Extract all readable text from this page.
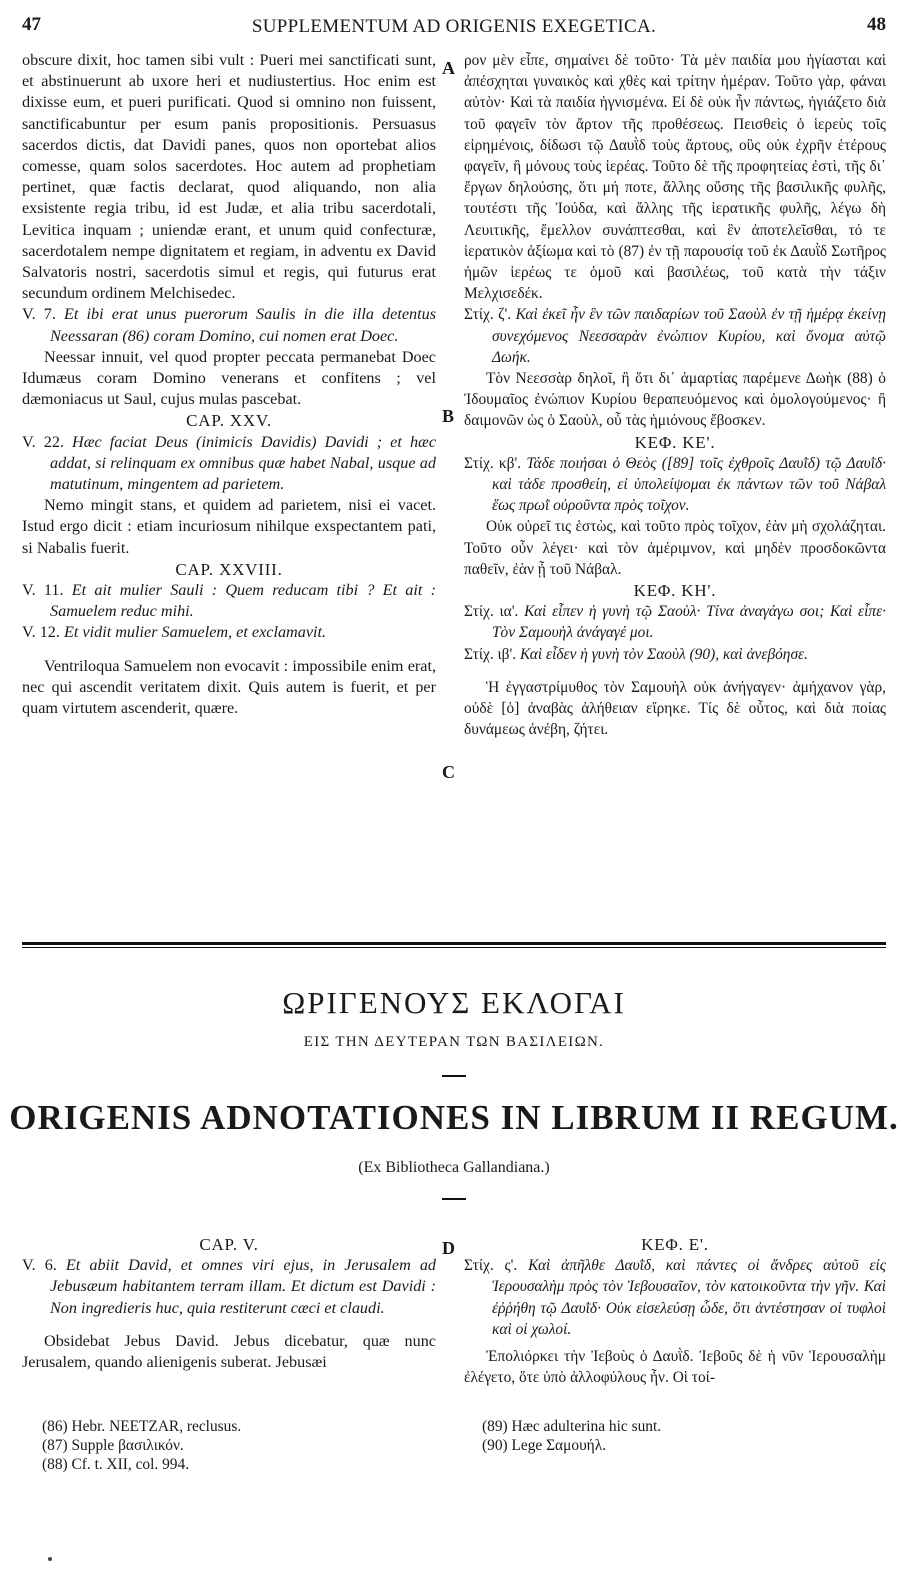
47	SUPPLEMENTUM AD ORIGENIS EXEGETICA.	48
A
B
C
D

obscure dixit, hoc tamen sibi vult : Pueri mei sanctificati sunt, et abstinuerunt ab uxore heri et nudiustertius. Hoc enim est dixisse eum, et pueri purificati. Quod si omnino non fuissent, sanctificabuntur per esum panis propositionis. Persuasus sacerdos dictis, dat Davidi panes, quos non oportebat alios comesse, quam solos sacerdotes. Hoc autem ad prophetiam pertinet, quæ factis declarat, quod aliquando, non alia exsistente regia tribu, id est Judæ, et alia tribu sacerdotali, Levitica inquam ; uniendæ erant, et unum quid confecturæ, sacerdotalem nempe dignitatem et regiam, in adventu ex David Salvatoris nostri, sacerdotis simul et regis, qui futurus erat secundum ordinem Melchisedec.

V. 7. Et ibi erat unus puerorum Saulis in die illa detentus Neessaran (86) coram Domino, cui nomen erat Doec.

Neessar innuit, vel quod propter peccata permanebat Doec Idumæus coram Domino venerans et confitens ; vel dæmoniacus ut Saul, cujus mulas pascebat.

CAP. XXV.

V. 22. Hæc faciat Deus (inimicis Davidis) Davidi ; et hæc addat, si relinquam ex omnibus quæ habet Nabal, usque ad matutinum, mingentem ad parietem.

Nemo mingit stans, et quidem ad parietem, nisi ei vacet. Istud ergo dicit : etiam incuriosum nihilque exspectantem pati, si Nabalis fuerit.

CAP. XXVIII.

V. 11. Et ait mulier Sauli : Quem reducam tibi ? Et ait : Samuelem reduc mihi.

V. 12. Et vidit mulier Samuelem, et exclamavit.

Ventriloqua Samuelem non evocavit : impossibile enim erat, nec qui ascendit veritatem dixit. Quis autem is fuerit, et per quam virtutem ascenderit, quære.

ρον μὲν εἶπε, σημαίνει δὲ τοῦτο· Τὰ μὲν παιδία μου ἡγίασται καὶ ἀπέσχηται γυναικὸς καὶ χθὲς καὶ τρίτην ἡμέραν. Τοῦτο γὰρ, φάναι αὐτὸν· Καὶ τὰ παιδία ἡγνισμένα. Εἰ δὲ οὐκ ἦν πάντως, ἡγιάζετο διὰ τοῦ φαγεῖν τὸν ἄρτον τῆς προθέσεως. Πεισθεὶς ὁ ἱερεὺς τοῖς εἰρημένοις, δίδωσι τῷ Δαυῒδ τοὺς ἄρτους, οὓς οὐκ ἐχρῆν ἑτέρους φαγεῖν, ἢ μόνους τοὺς ἱερέας. Τοῦτο δὲ τῆς προφητείας ἐστὶ, τῆς δι᾽ ἔργων δηλούσης, ὅτι μή ποτε, ἄλλης οὔσης τῆς βασιλικῆς φυλῆς, τουτέστι τῆς Ἰούδα, καὶ ἄλλης τῆς ἱερατικῆς φυλῆς, λέγω δὴ Λευιτικῆς, ἔμελλον συνάπτεσθαι, καὶ ἓν ἀποτελεῖσθαι, τό τε ἱερατικὸν ἀξίωμα καὶ τὸ (87) ἐν τῇ παρουσίᾳ τοῦ ἐκ Δαυῒδ Σωτῆρος ἡμῶν ἱερέως τε ὁμοῦ καὶ βασιλέως, τοῦ κατὰ τὴν τάξιν Μελχισεδέκ.

Στίχ. ζ'. Καὶ ἐκεῖ ἦν ἓν τῶν παιδαρίων τοῦ Σαοὺλ ἐν τῇ ἡμέρᾳ ἐκείνῃ συνεχόμενος Νεεσσαρὰν ἐνώπιον Κυρίου, καὶ ὄνομα αὐτῷ Δωήκ.

Τὸν Νεεσσὰρ δηλοῖ, ἢ ὅτι δι᾽ ἁμαρτίας παρέμενε Δωὴκ (88) ὁ Ἰδουμαῖος ἐνώπιον Κυρίου θεραπευόμενος καὶ ὁμολογούμενος· ἢ δαιμονῶν ὡς ὁ Σαοὺλ, οὗ τὰς ἡμιόνους ἔβοσκεν.

ΚΕΦ. ΚΕ'.

Στίχ. κβ'. Τάδε ποιήσαι ὁ Θεὸς ([89] τοῖς ἐχθροῖς Δαυῒδ) τῷ Δαυῒδ· καὶ τάδε προσθείη, εἰ ὑπολείψομαι ἐκ πάντων τῶν τοῦ Νάβαλ ἕως πρωῒ οὐροῦντα πρὸς τοῖχον.

Οὐκ οὐρεῖ τις ἑστὼς, καὶ τοῦτο πρὸς τοῖχον, ἐὰν μὴ σχολάζηται. Τοῦτο οὖν λέγει· καὶ τὸν ἀμέριμνον, καὶ μηδὲν προσδοκῶντα παθεῖν, ἐὰν ᾖ τοῦ Νάβαλ.

ΚΕΦ. ΚΗ'.

Στίχ. ια'. Καὶ εἶπεν ἡ γυνὴ τῷ Σαοὺλ· Τίνα ἀναγάγω σοι; Καὶ εἶπε· Τὸν Σαμουὴλ ἀνάγαγέ μοι.

Στίχ. ιβ'. Καὶ εἶδεν ἡ γυνὴ τὸν Σαοὺλ (90), καὶ ἀνεβόησε.

Ἡ ἐγγαστρίμυθος τὸν Σαμουὴλ οὐκ ἀνήγαγεν· ἀμήχανον γὰρ, οὐδὲ [ὁ] ἀναβὰς ἀλήθειαν εἴρηκε. Τίς δὲ οὗτος, καὶ διὰ ποίας δυνάμεως ἀνέβη, ζήτει.

ΩΡΙΓΕΝΟΥΣ ΕΚΛΟΓΑΙ
ΕΙΣ ΤΗΝ ΔΕΥΤΕΡΑΝ ΤΩΝ ΒΑΣΙΛΕΙΩΝ.
ORIGENIS ADNOTATIONES IN LIBRUM II REGUM.
(Ex Bibliotheca Gallandiana.)

CAP. V.

V. 6. Et abiit David, et omnes viri ejus, in Jerusalem ad Jebusæum habitantem terram illam. Et dictum est Davidi : Non ingredieris huc, quia restiterunt cæci et claudi.

Obsidebat Jebus David. Jebus dicebatur, quæ nunc Jerusalem, quando alienigenis suberat. Jebusæi

ΚΕΦ. Ε'.

Στίχ. ς'. Καὶ ἀπῆλθε Δαυῒδ, καὶ πάντες οἱ ἄνδρες αὐτοῦ εἰς Ἱερουσαλὴμ πρὸς τὸν Ἰεβουσαῖον, τὸν κατοικοῦντα τὴν γῆν. Καὶ ἐῤῥήθη τῷ Δαυῒδ· Οὐκ εἰσελεύσῃ ὧδε, ὅτι ἀντέστησαν οἱ τυφλοὶ καὶ οἱ χωλοί.

Ἐπολιόρκει τὴν Ἰεβοὺς ὁ Δαυῒδ. Ἰεβοῦς δὲ ἡ νῦν Ἱερουσαλὴμ ἐλέγετο, ὅτε ὑπὸ ἀλλοφύλους ἦν. Οἱ τοί-

(86) Hebr. NEETZAR, reclusus.

(87) Supple βασιλικόν.

(88) Cf. t. XII, col. 994.

(89) Hæc adulterina hic sunt.

(90) Lege Σαμουήλ.
